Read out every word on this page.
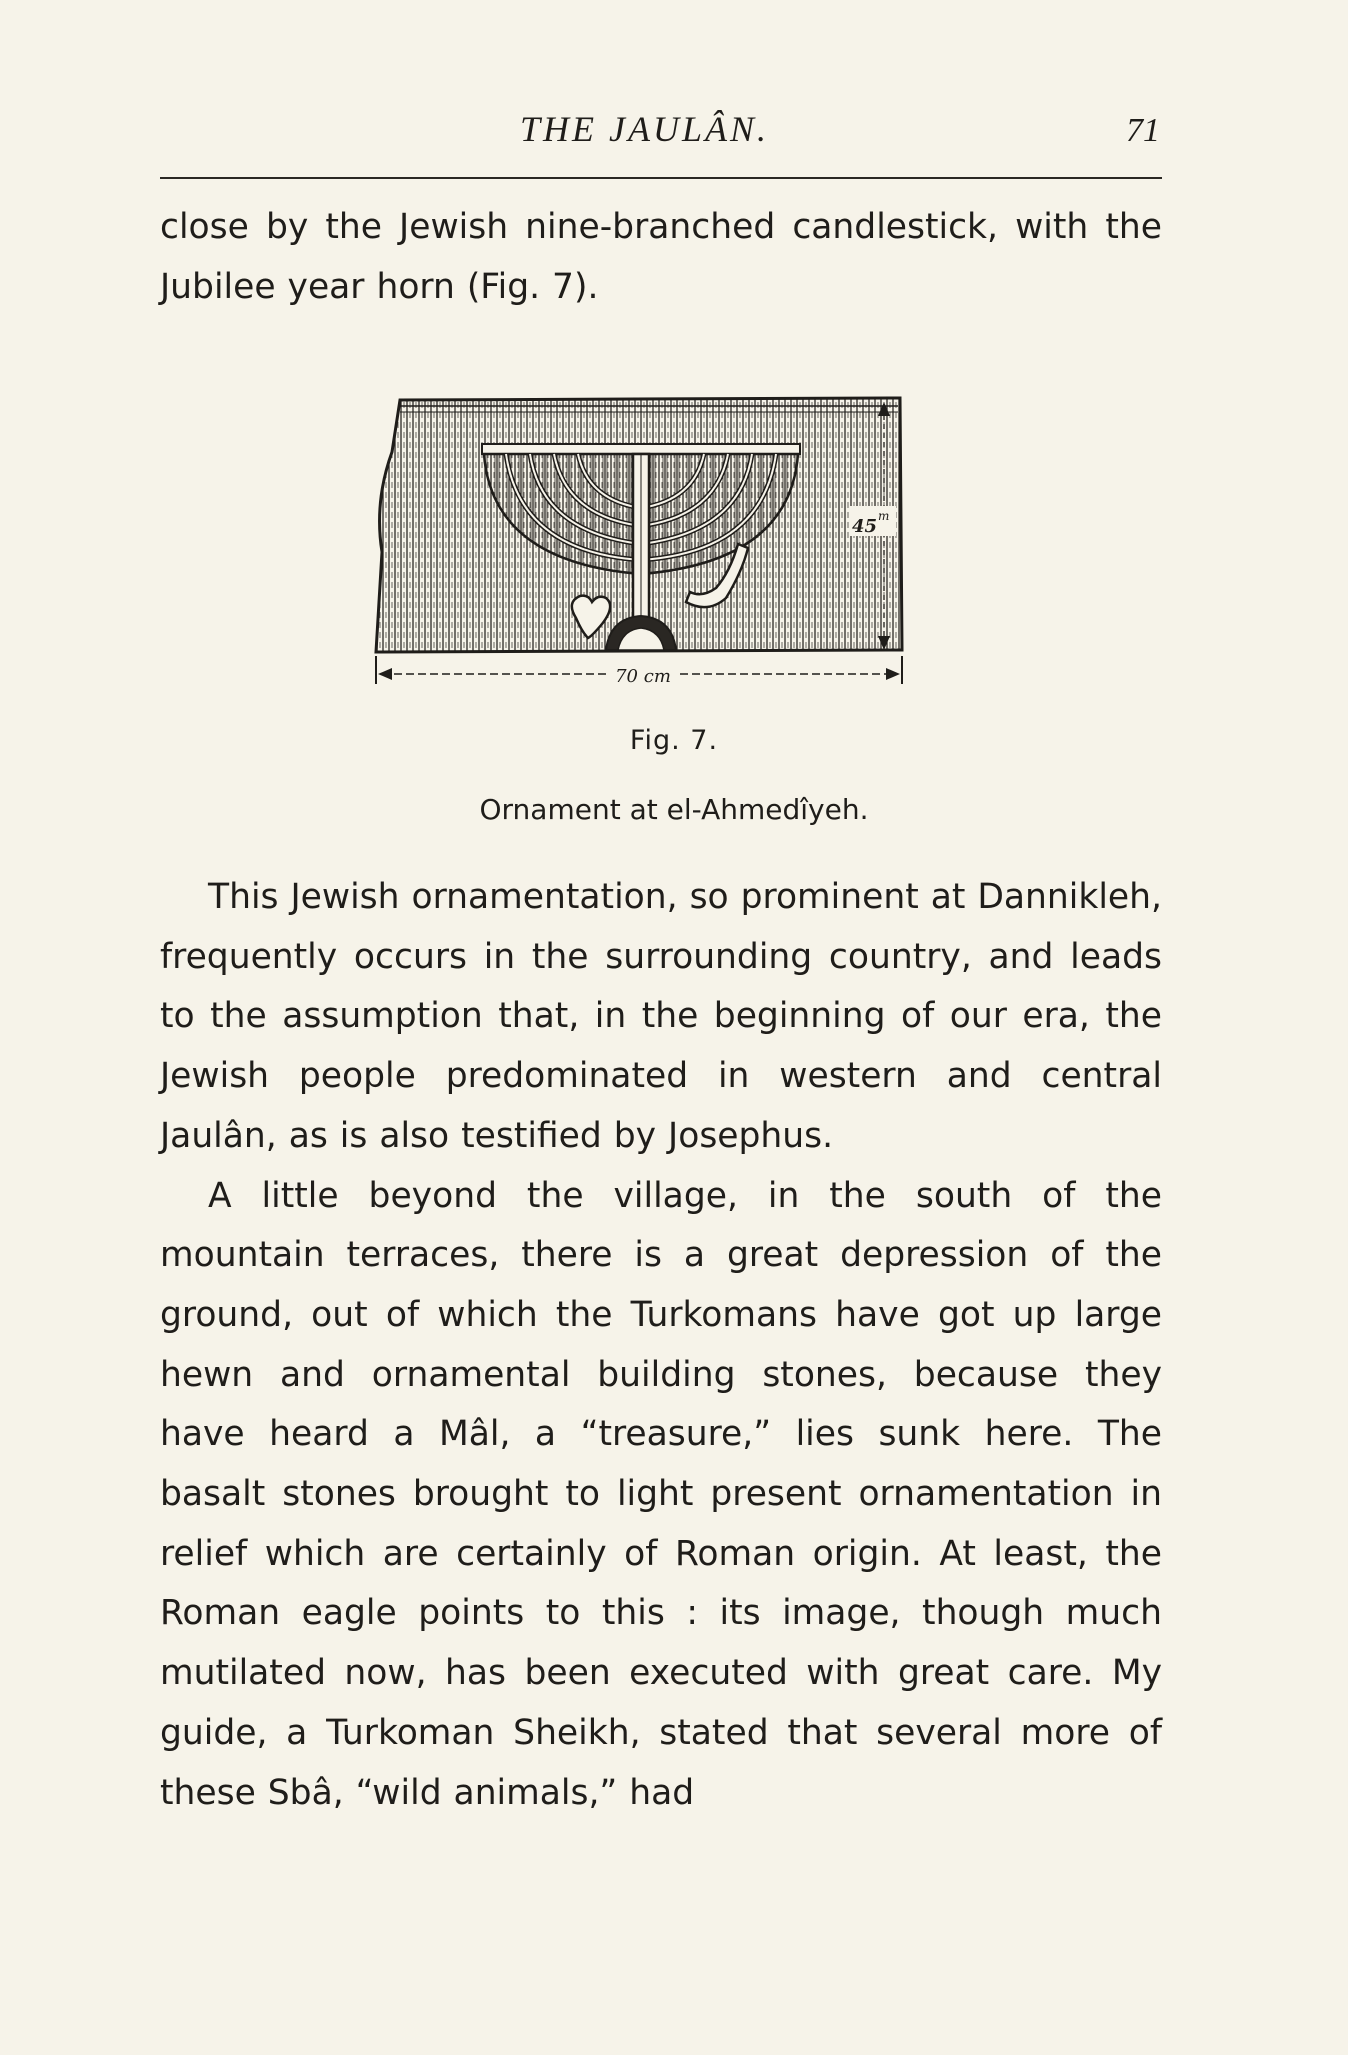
THE JAULÂN.	71

close by the Jewish nine-branched candlestick, with the Jubilee year horn (Fig. 7).

45 m
70 cm
Fig. 7.
Ornament at el-Ahmedîyeh.

This Jewish ornamentation, so prominent at Dannikleh, frequently occurs in the surrounding country, and leads to the assumption that, in the beginning of our era, the Jewish people predominated in western and central Jaulân, as is also testified by Josephus.

A little beyond the village, in the south of the mountain terraces, there is a great depression of the ground, out of which the Turkomans have got up large hewn and ornamental building stones, because they have heard a Mâl, a “treasure,” lies sunk here. The basalt stones brought to light present ornamentation in relief which are certainly of Roman origin. At least, the Roman eagle points to this : its image, though much mutilated now, has been executed with great care. My guide, a Turkoman Sheikh, stated that several more of these Sbâ, “wild animals,” had
